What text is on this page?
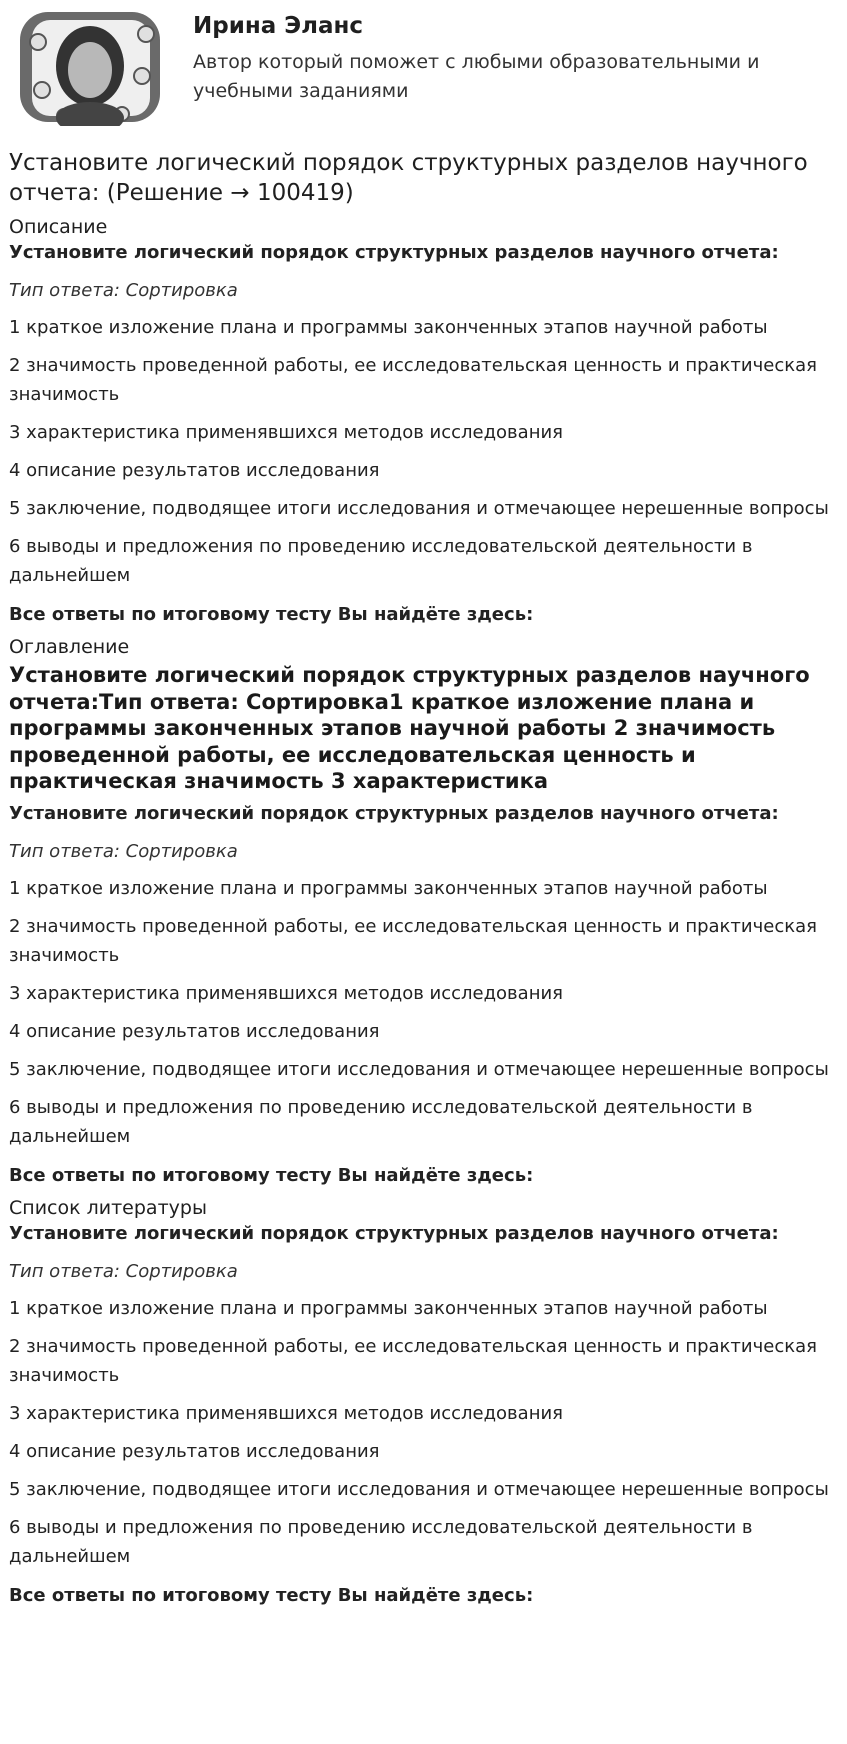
Ирина Эланс
Автор который поможет с любыми образовательными и учебными заданиями
Установите логический порядок структурных разделов научного отчета: (Решение → 100419)

Описание

Установите логический порядок структурных разделов научного отчета:

Тип ответа: Сортировка

1 краткое изложение плана и программы законченных этапов научной работы

2 значимость проведенной работы, ее исследовательская ценность и практическая значимость

3 характеристика применявшихся методов исследования

4 описание результатов исследования

5 заключение, подводящее итоги исследования и отмечающее нерешенные вопросы

6 выводы и предложения по проведению исследовательской деятельности в дальнейшем

Все ответы по итоговому тесту Вы найдёте здесь:

Оглавление

Установите логический порядок структурных разделов научного отчета:Тип ответа: Сортировка1 краткое изложение плана и программы законченных этапов научной работы 2 значимость проведенной работы, ее исследовательская ценность и практическая значимость 3 характеристика

Установите логический порядок структурных разделов научного отчета:

Тип ответа: Сортировка

1 краткое изложение плана и программы законченных этапов научной работы

2 значимость проведенной работы, ее исследовательская ценность и практическая значимость

3 характеристика применявшихся методов исследования

4 описание результатов исследования

5 заключение, подводящее итоги исследования и отмечающее нерешенные вопросы

6 выводы и предложения по проведению исследовательской деятельности в дальнейшем

Все ответы по итоговому тесту Вы найдёте здесь:

Список литературы

Установите логический порядок структурных разделов научного отчета:

Тип ответа: Сортировка

1 краткое изложение плана и программы законченных этапов научной работы

2 значимость проведенной работы, ее исследовательская ценность и практическая значимость

3 характеристика применявшихся методов исследования

4 описание результатов исследования

5 заключение, подводящее итоги исследования и отмечающее нерешенные вопросы

6 выводы и предложения по проведению исследовательской деятельности в дальнейшем

Все ответы по итоговому тесту Вы найдёте здесь:
